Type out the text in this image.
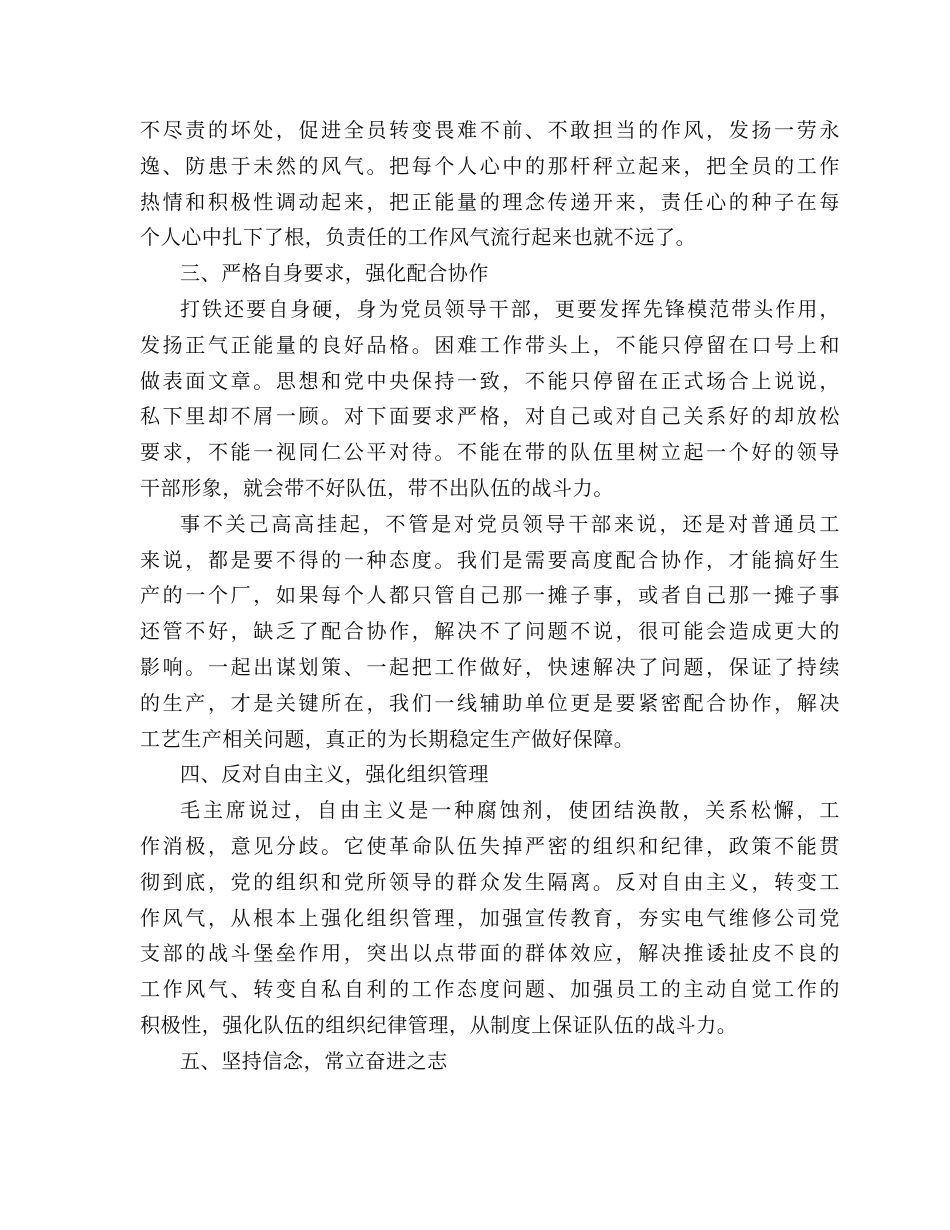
不尽责的坏处，促进全员转变畏难不前、不敢担当的作风，发扬一劳永
逸、防患于未然的风气。把每个人心中的那杆秤立起来，把全员的工作
热情和积极性调动起来，把正能量的理念传递开来，责任心的种子在每
个人心中扎下了根，负责任的工作风气流行起来也就不远了。
三、严格自身要求，强化配合协作
打铁还要自身硬，身为党员领导干部，更要发挥先锋模范带头作用，
发扬正气正能量的良好品格。困难工作带头上，不能只停留在口号上和
做表面文章。思想和党中央保持一致，不能只停留在正式场合上说说，
私下里却不屑一顾。对下面要求严格，对自己或对自己关系好的却放松
要求，不能一视同仁公平对待。不能在带的队伍里树立起一个好的领导
干部形象，就会带不好队伍，带不出队伍的战斗力。
事不关己高高挂起，不管是对党员领导干部来说，还是对普通员工
来说，都是要不得的一种态度。我们是需要高度配合协作，才能搞好生
产的一个厂，如果每个人都只管自己那一摊子事，或者自己那一摊子事
还管不好，缺乏了配合协作，解决不了问题不说，很可能会造成更大的
影响。一起出谋划策、一起把工作做好，快速解决了问题，保证了持续
的生产，才是关键所在，我们一线辅助单位更是要紧密配合协作，解决
工艺生产相关问题，真正的为长期稳定生产做好保障。
四、反对自由主义，强化组织管理
毛主席说过，自由主义是一种腐蚀剂，使团结涣散，关系松懈，工
作消极，意见分歧。它使革命队伍失掉严密的组织和纪律，政策不能贯
彻到底，党的组织和党所领导的群众发生隔离。反对自由主义，转变工
作风气，从根本上强化组织管理，加强宣传教育，夯实电气维修公司党
支部的战斗堡垒作用，突出以点带面的群体效应，解决推诿扯皮不良的
工作风气、转变自私自利的工作态度问题、加强员工的主动自觉工作的
积极性，强化队伍的组织纪律管理，从制度上保证队伍的战斗力。
五、坚持信念，常立奋进之志
